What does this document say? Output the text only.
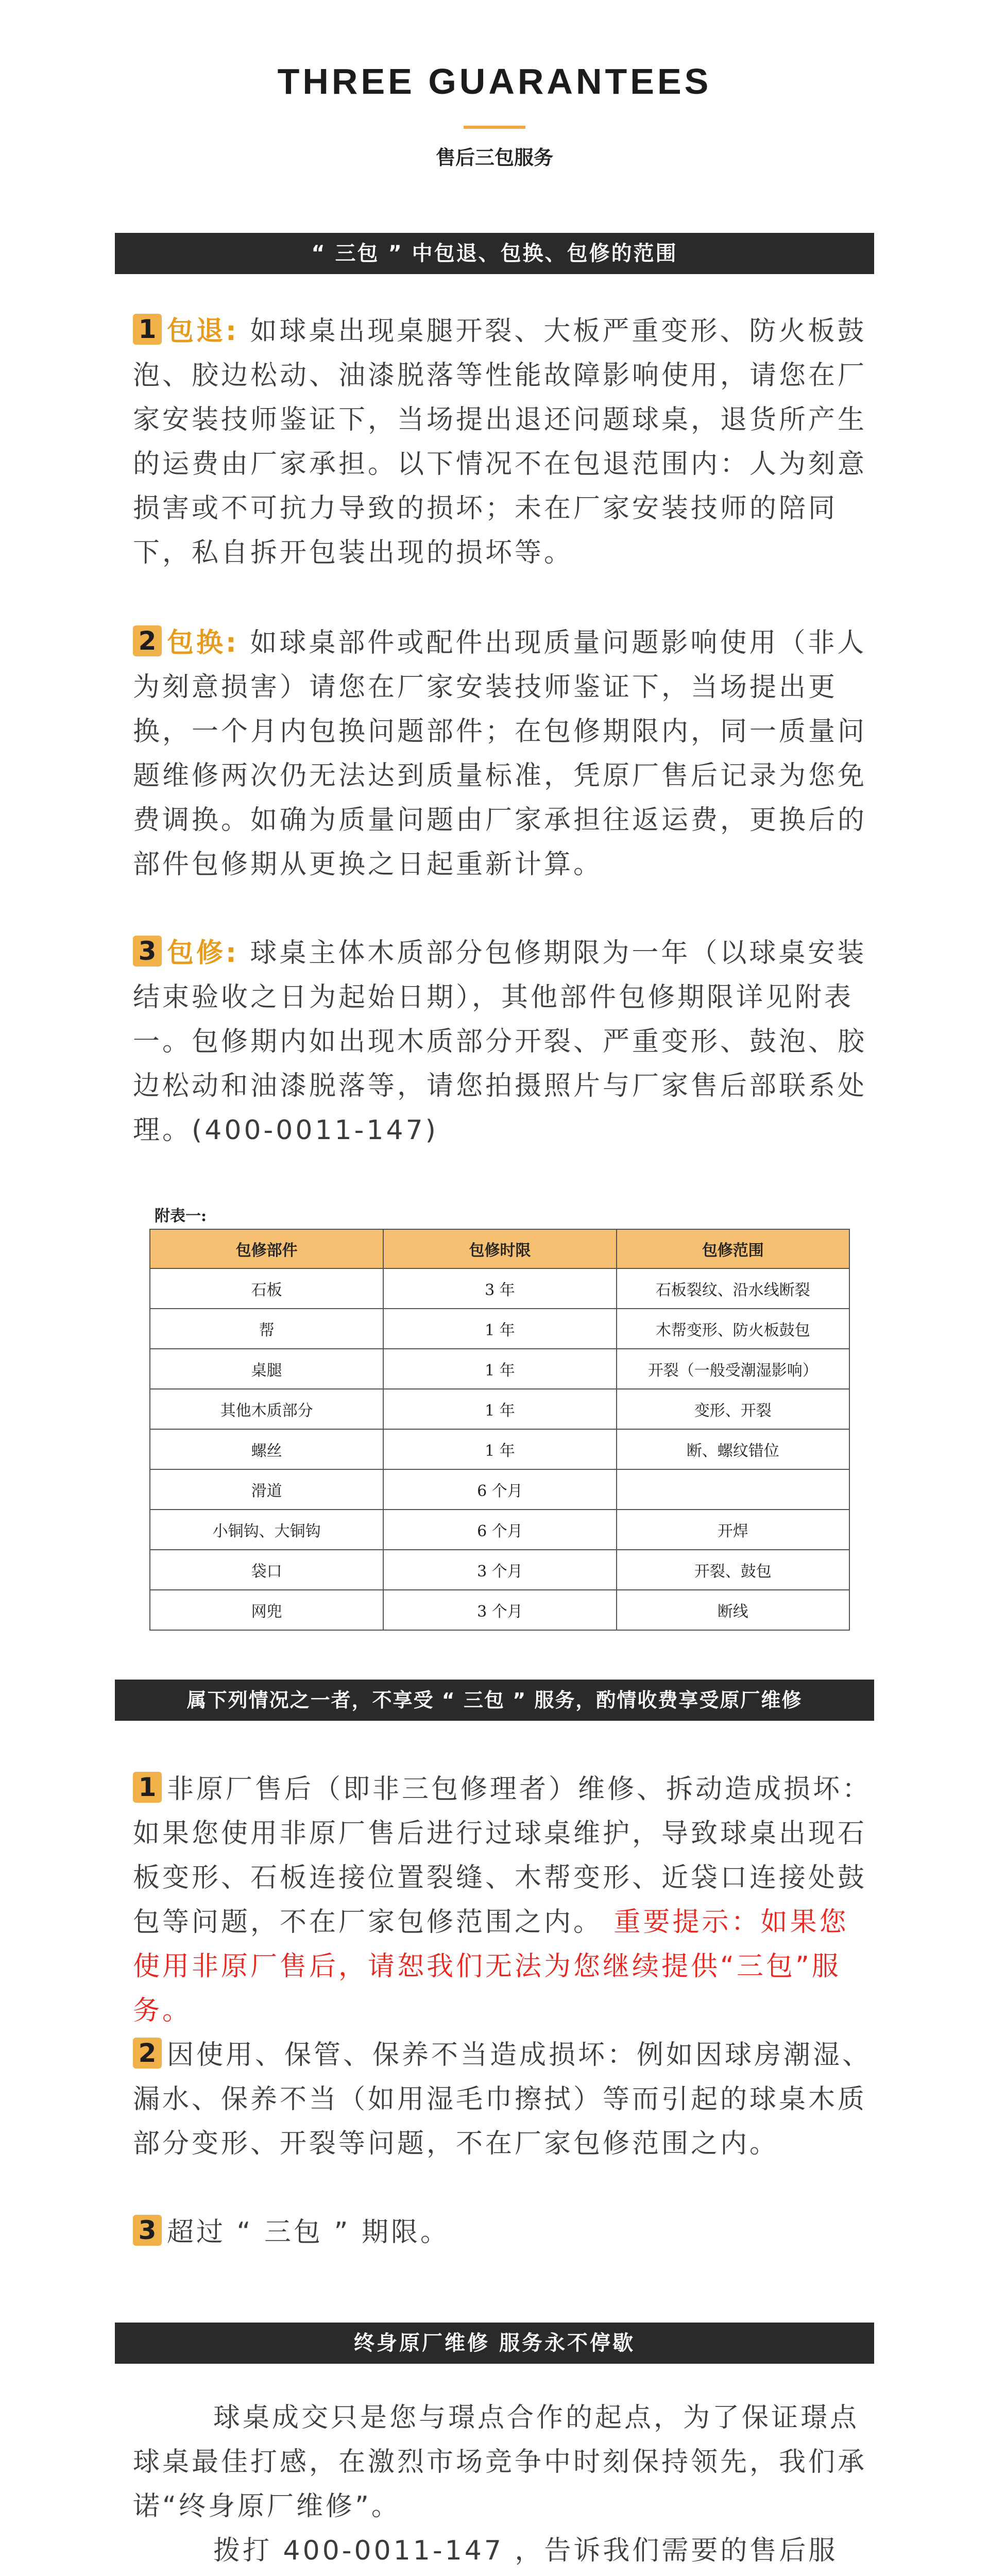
THREE GUARANTEES
售后三包服务
“ 三包 ” 中包退、包换、包修的范围
1 包退: 如球桌出现桌腿开裂、大板严重变形、防火板鼓泡、胶边松动、油漆脱落等性能故障影响使用，请您在厂家安装技师鉴证下，当场提出退还问题球桌，退货所产生的运费由厂家承担。以下情况不在包退范围内：人为刻意损害或不可抗力导致的损坏；未在厂家安装技师的陪同下，私自拆开包装出现的损坏等。
2 包换: 如球桌部件或配件出现质量问题影响使用（非人为刻意损害）请您在厂家安装技师鉴证下，当场提出更换，一个月内包换问题部件；在包修期限内，同一质量问题维修两次仍无法达到质量标准，凭原厂售后记录为您免费调换。如确为质量问题由厂家承担往返运费，更换后的部件包修期从更换之日起重新计算。
3 包修: 球桌主体木质部分包修期限为一年（以球桌安装结束验收之日为起始日期），其他部件包修期限详见附表一。包修期内如出现木质部分开裂、严重变形、鼓泡、胶边松动和油漆脱落等，请您拍摄照片与厂家售后部联系处理。(400-0011-147)
附表一:
包修部件	包修时限	包修范围
石板	3 年	石板裂纹、沿水线断裂
帮	1 年	木帮变形、防火板鼓包
桌腿	1 年	开裂（一般受潮湿影响）
其他木质部分	1 年	变形、开裂
螺丝	1 年	断、螺纹错位
滑道	6 个月	
小铜钩、大铜钩	6 个月	开焊
袋口	3 个月	开裂、鼓包
网兜	3 个月	断线
属下列情况之一者，不享受 “ 三包 ” 服务，酌情收费享受原厂维修
1 非原厂售后（即非三包修理者）维修、拆动造成损坏：如果您使用非原厂售后进行过球桌维护，导致球桌出现石板变形、石板连接位置裂缝、木帮变形、近袋口连接处鼓包等问题，不在厂家包修范围之内。 重要提示：如果您使用非原厂售后，请恕我们无法为您继续提供“三包”服务。
2 因使用、保管、保养不当造成损坏：例如因球房潮湿、漏水、保养不当（如用湿毛巾擦拭）等而引起的球桌木质部分变形、开裂等问题，不在厂家包修范围之内。
3 超过 “ 三包 ” 期限。
终身原厂维修 服务永不停歇
球桌成交只是您与璟点合作的起点，为了保证璟点球桌最佳打感，在激烈市场竞争中时刻保持领先，我们承诺“终身原厂维修”。
拨打 400-0011-147 ，告诉我们需要的售后服
